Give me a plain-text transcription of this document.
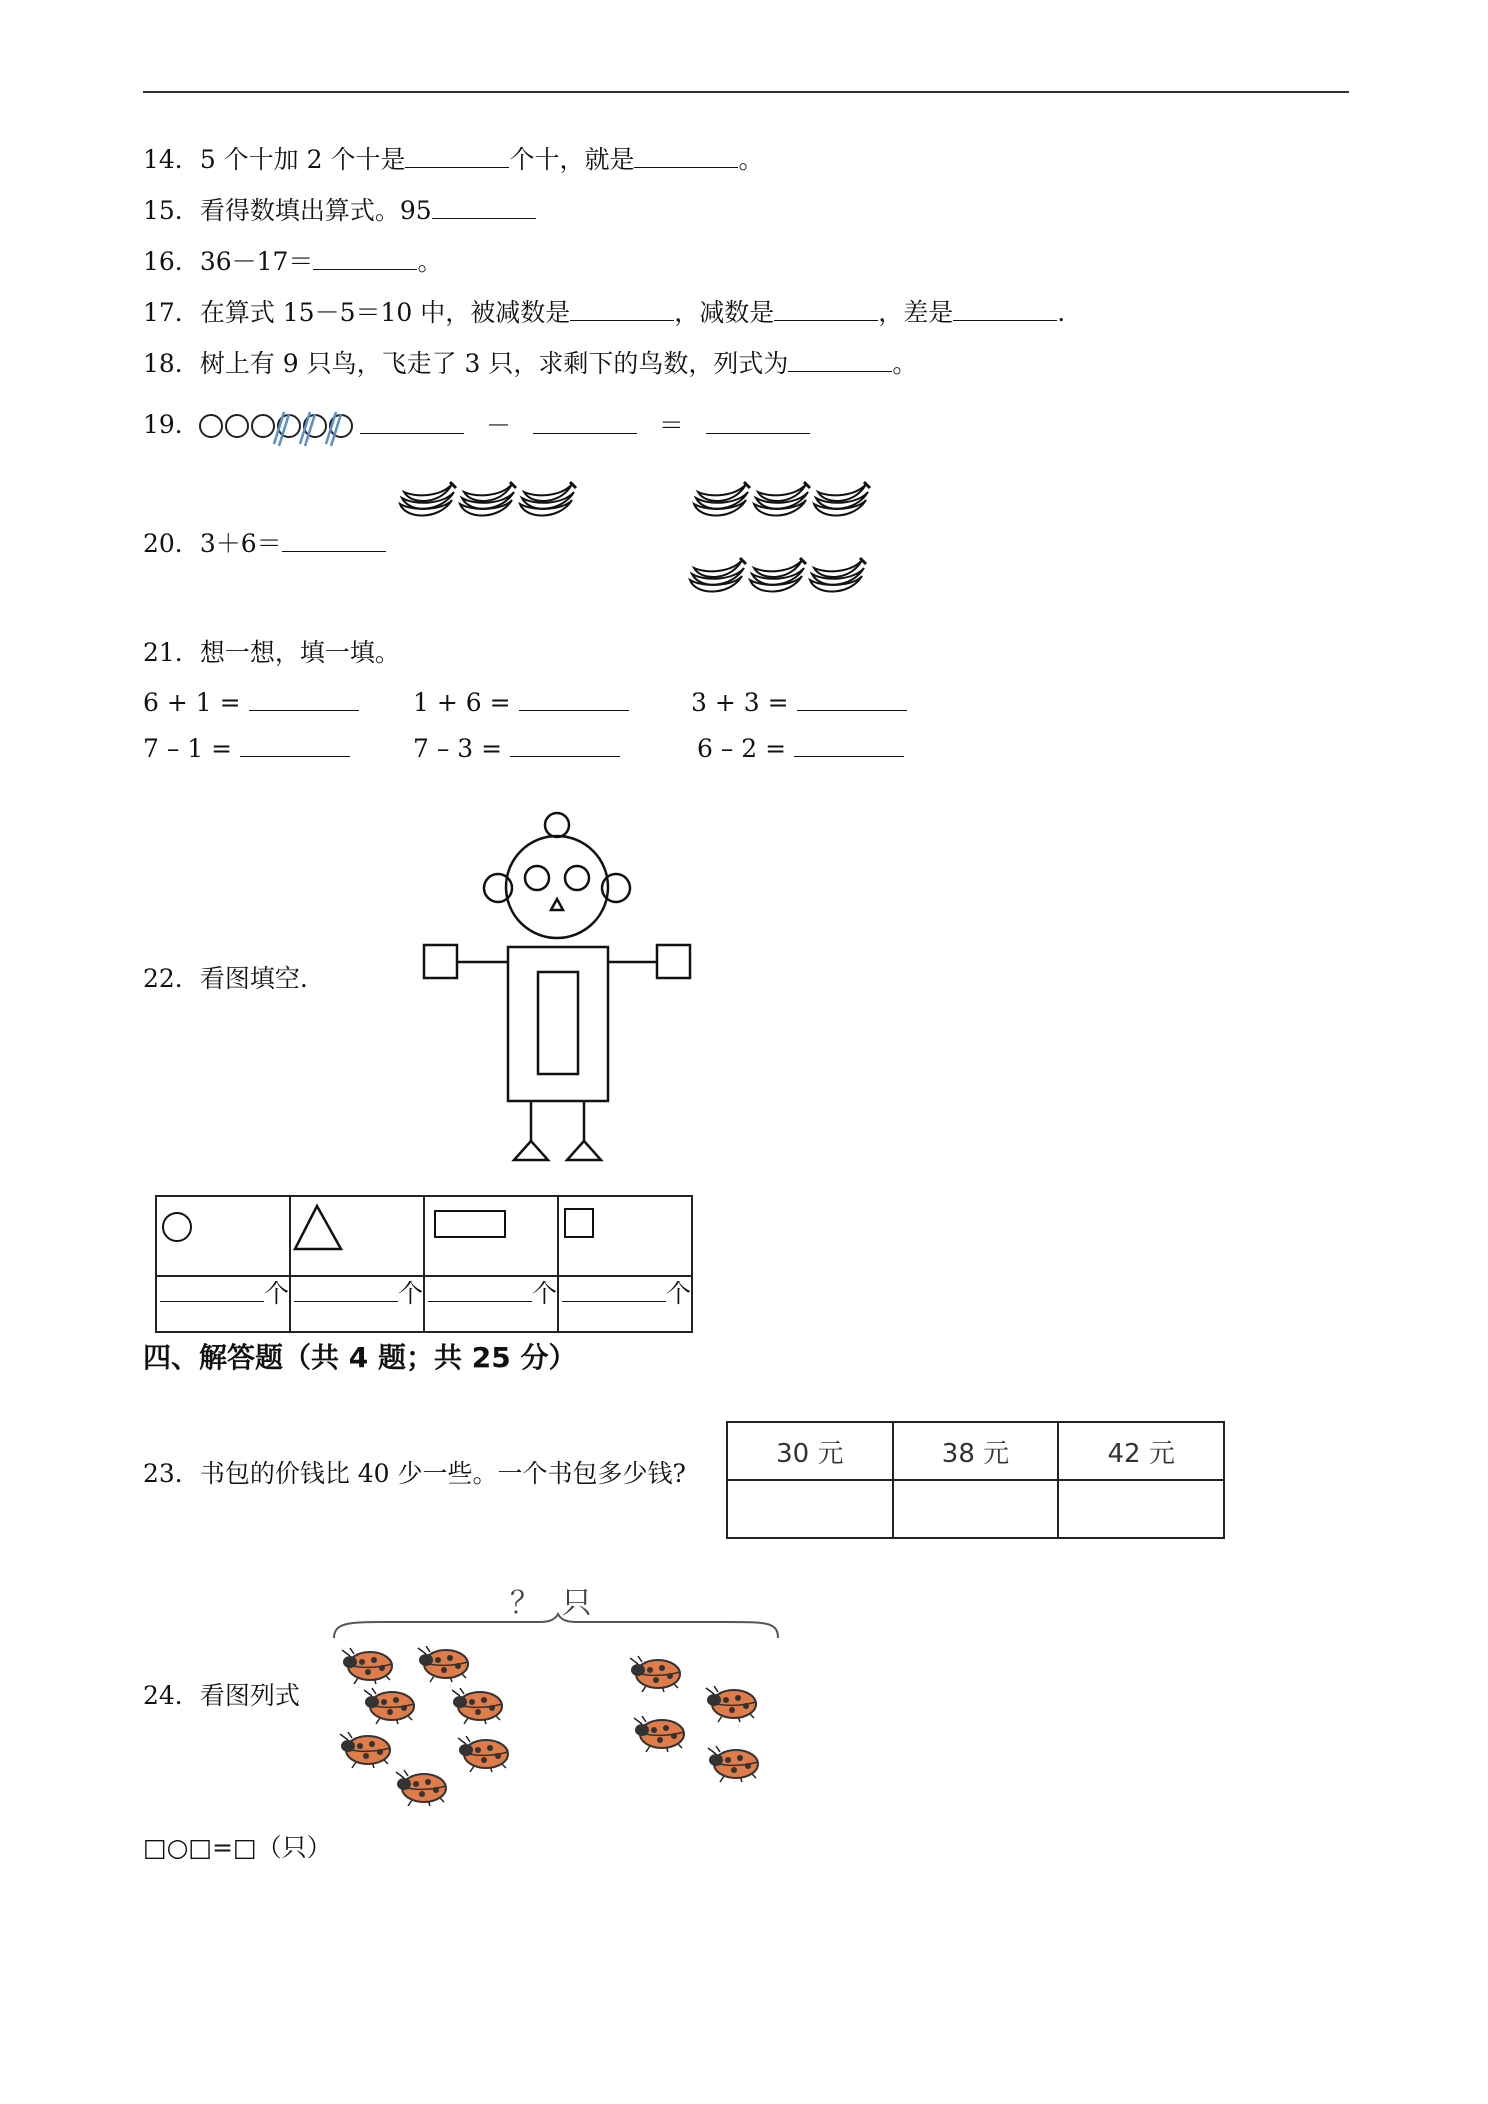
14．5 个十加 2 个十是	个十，就是	。
15．看得数填出算式。95
16．36－17＝	。
17．在算式 15－5＝10 中，被减数是	，减数是	，差是	.
18．树上有 9 只鸟，飞走了 3 只，求剩下的鸟数，列式为	。
19．	－	＝
20．3＋6＝
21．想一想，填一填。
6 + 1 =	1 + 6 =	3 + 3 =
7 – 1 =	7 – 3 =	6 – 2 =
22．看图填空.

个	个	个	个
四、解答题（共 4 题；共 25 分）
23．书包的价钱比 40 少一些。一个书包多少钱?
30 元	38 元	42 元

？ 只
24．看图列式
□○□=□（只）
